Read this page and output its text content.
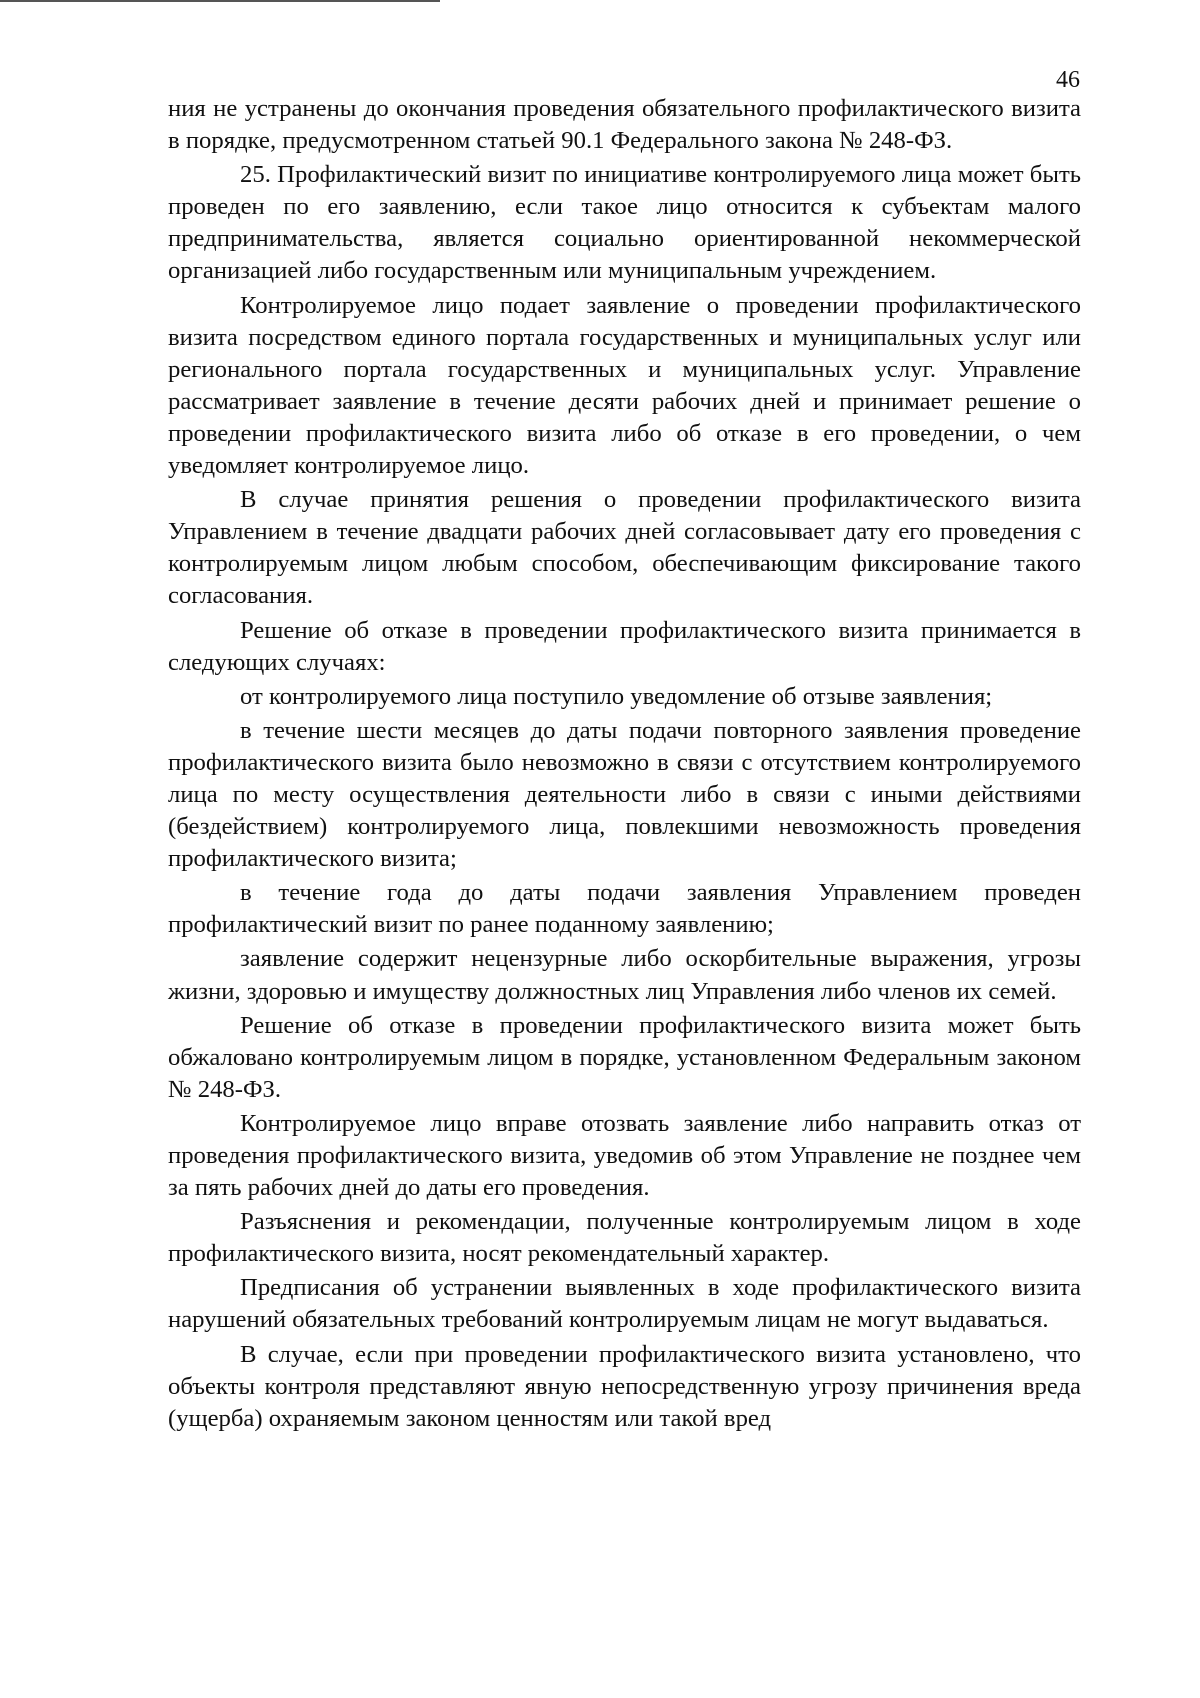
46

ния не устранены до окончания проведения обязательного профилактического визита в порядке, предусмотренном статьей 90.1 Федерального закона № 248-ФЗ.

25. Профилактический визит по инициативе контролируемого лица может быть проведен по его заявлению, если такое лицо относится к субъектам малого предпринимательства, является социально ориентированной некоммерческой организацией либо государственным или муниципальным учреждением.

Контролируемое лицо подает заявление о проведении профилактического визита посредством единого портала государственных и муниципальных услуг или регионального портала государственных и муниципальных услуг. Управление рассматривает заявление в течение десяти рабочих дней и принимает решение о проведении профилактического визита либо об отказе в его проведении, о чем уведомляет контролируемое лицо.

В случае принятия решения о проведении профилактического визита Управлением в течение двадцати рабочих дней согласовывает дату его проведения с контролируемым лицом любым способом, обеспечивающим фиксирование такого согласования.

Решение об отказе в проведении профилактического визита принимается в следующих случаях:

от контролируемого лица поступило уведомление об отзыве заявления;

в течение шести месяцев до даты подачи повторного заявления проведение профилактического визита было невозможно в связи с отсутствием контролируемого лица по месту осуществления деятельности либо в связи с иными действиями (бездействием) контролируемого лица, повлекшими невозможность проведения профилактического визита;

в течение года до даты подачи заявления Управлением проведен профилактический визит по ранее поданному заявлению;

заявление содержит нецензурные либо оскорбительные выражения, угрозы жизни, здоровью и имуществу должностных лиц Управления либо членов их семей.

Решение об отказе в проведении профилактического визита может быть обжаловано контролируемым лицом в порядке, установленном Федеральным законом № 248-ФЗ.

Контролируемое лицо вправе отозвать заявление либо направить отказ от проведения профилактического визита, уведомив об этом Управление не позднее чем за пять рабочих дней до даты его проведения.

Разъяснения и рекомендации, полученные контролируемым лицом в ходе профилактического визита, носят рекомендательный характер.

Предписания об устранении выявленных в ходе профилактического визита нарушений обязательных требований контролируемым лицам не могут выдаваться.

В случае, если при проведении профилактического визита установлено, что объекты контроля представляют явную непосредственную угрозу причинения вреда (ущерба) охраняемым законом ценностям или такой вред
